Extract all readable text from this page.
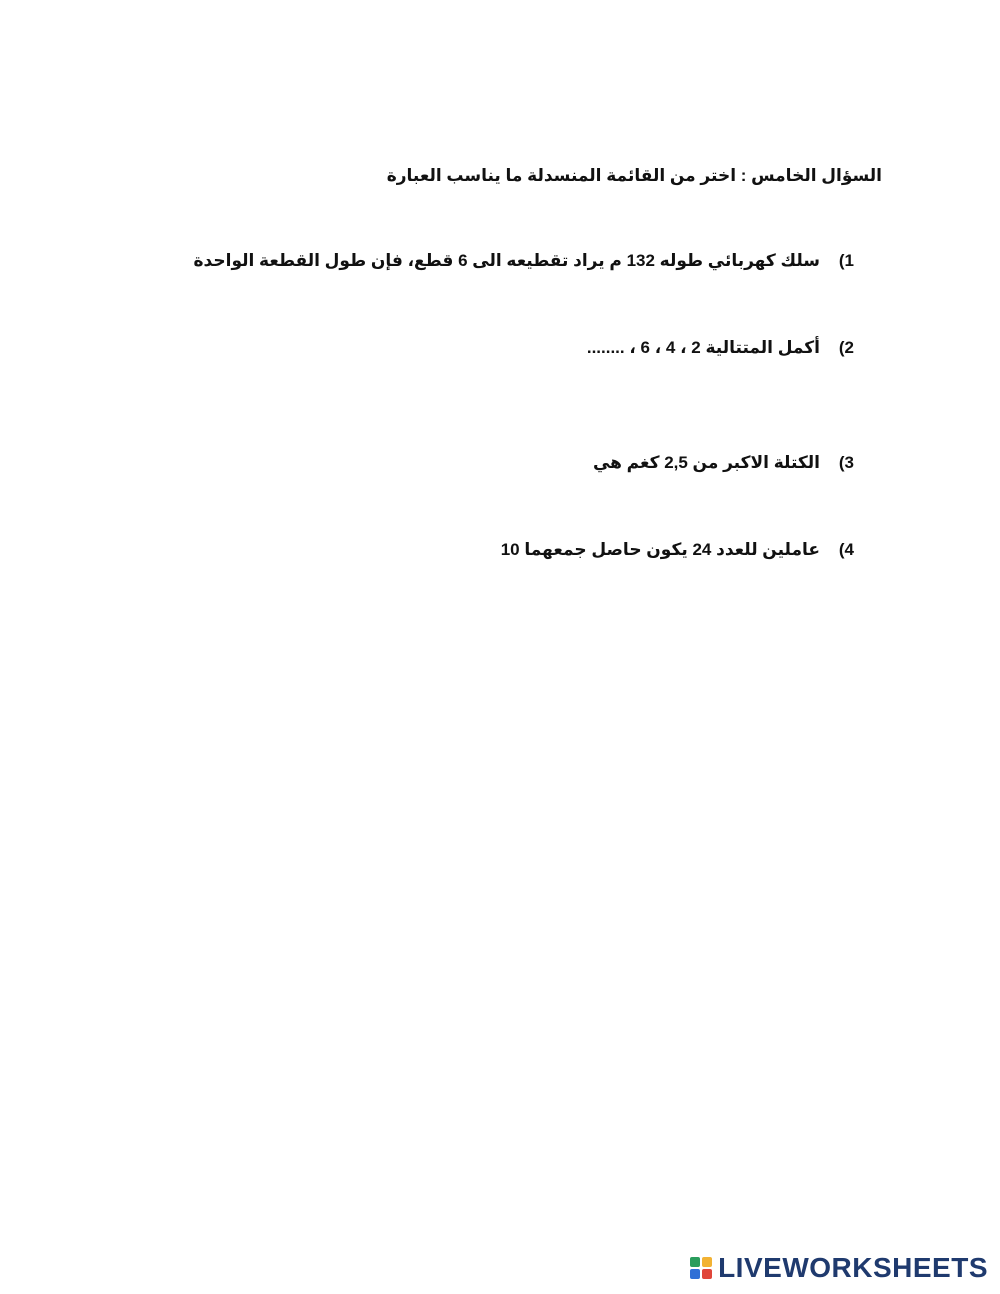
السؤال الخامس : اختر من القائمة المنسدلة ما يناسب العبارة
(1
سلك كهربائي طوله 132 م يراد تقطيعه الى 6 قطع، فإن طول القطعة الواحدة
(2
أكمل المتتالية 2 ، 4 ، 6 ، ........
(3
الكتلة الاكبر من 2,5 كغم هي
(4
عاملين للعدد 24 يكون حاصل جمعهما 10
LIVEWORKSHEETS
